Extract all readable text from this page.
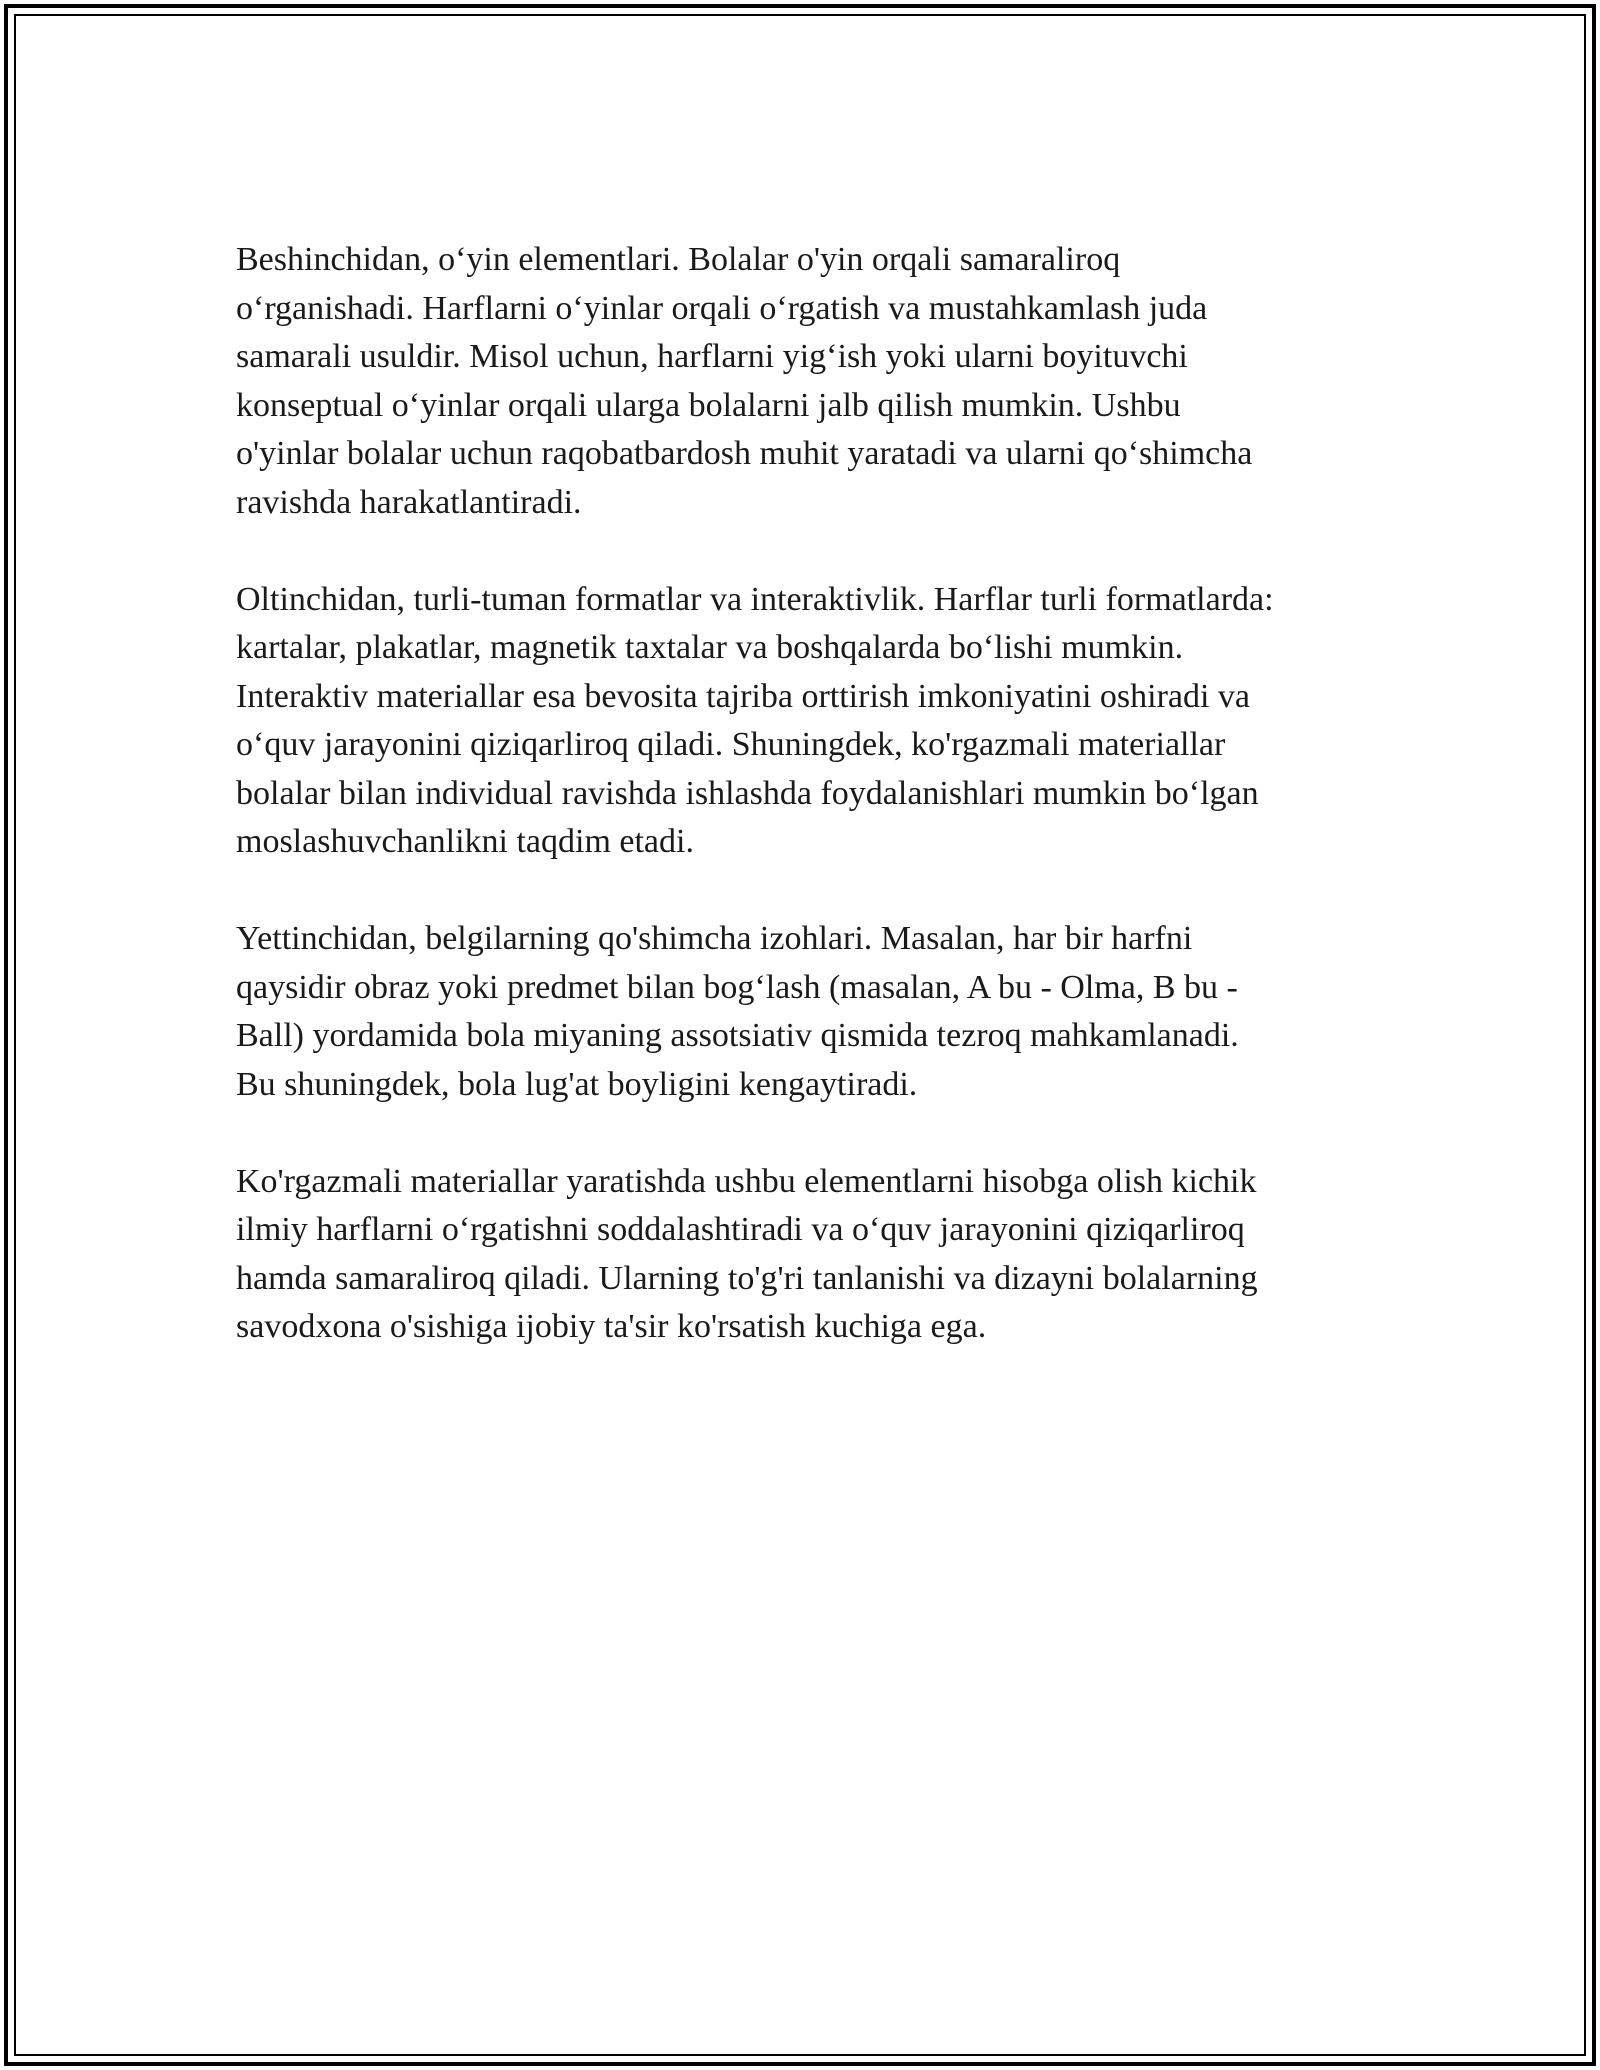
Beshinchidan, o‘yin elementlari. Bolalar o'yin orqali samaraliroq
o‘rganishadi. Harflarni o‘yinlar orqali o‘rgatish va mustahkamlash juda
samarali usuldir. Misol uchun, harflarni yig‘ish yoki ularni boyituvchi
konseptual o‘yinlar orqali ularga bolalarni jalb qilish mumkin. Ushbu
o'yinlar bolalar uchun raqobatbardosh muhit yaratadi va ularni qo‘shimcha
ravishda harakatlantiradi.

Oltinchidan, turli-tuman formatlar va interaktivlik. Harflar turli formatlarda:
kartalar, plakatlar, magnetik taxtalar va boshqalarda bo‘lishi mumkin.
Interaktiv materiallar esa bevosita tajriba orttirish imkoniyatini oshiradi va
o‘quv jarayonini qiziqarliroq qiladi. Shuningdek, ko'rgazmali materiallar
bolalar bilan individual ravishda ishlashda foydalanishlari mumkin bo‘lgan
moslashuvchanlikni taqdim etadi.

Yettinchidan, belgilarning qo'shimcha izohlari. Masalan, har bir harfni
qaysidir obraz yoki predmet bilan bog‘lash (masalan, A bu - Olma, B bu -
Ball) yordamida bola miyaning assotsiativ qismida tezroq mahkamlanadi.
Bu shuningdek, bola lug'at boyligini kengaytiradi.

Ko'rgazmali materiallar yaratishda ushbu elementlarni hisobga olish kichik
ilmiy harflarni o‘rgatishni soddalashtiradi va o‘quv jarayonini qiziqarliroq
hamda samaraliroq qiladi. Ularning to'g'ri tanlanishi va dizayni bolalarning
savodxona o'sishiga ijobiy ta'sir ko'rsatish kuchiga ega.
